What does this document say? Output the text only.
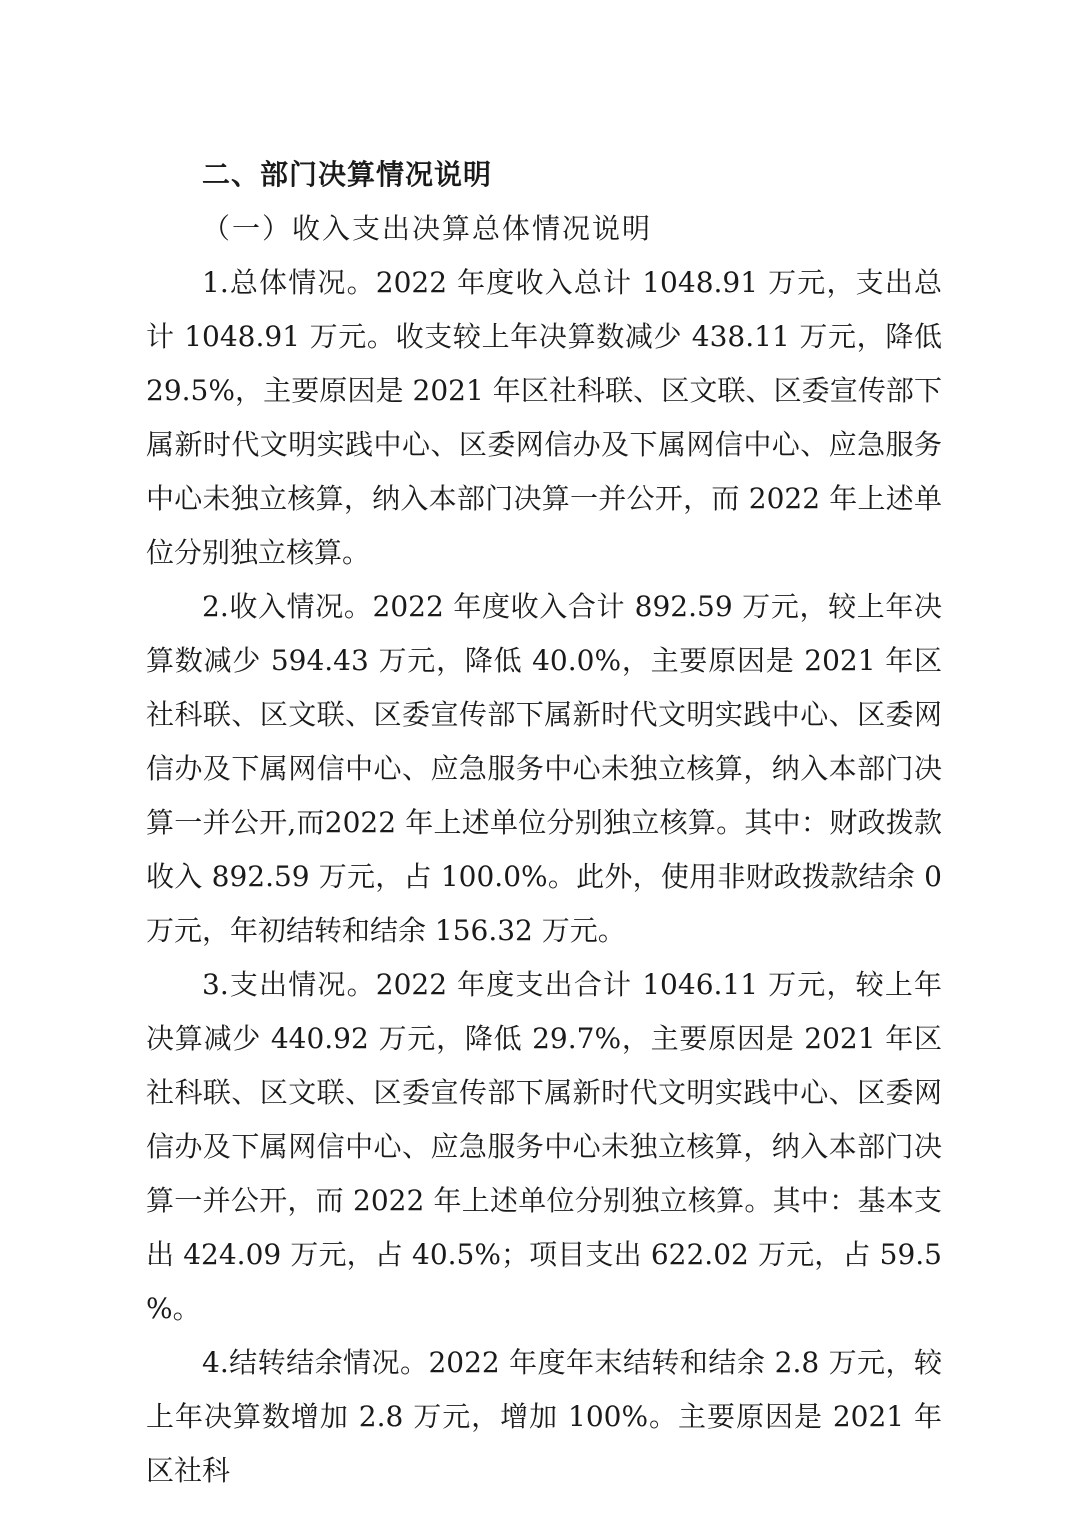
二、部门决算情况说明
（一）收入支出决算总体情况说明

1.总体情况。2022 年度收入总计 1048.91 万元，支出总计 1048.91 万元。收支较上年决算数减少 438.11 万元，降低 29.5%，主要原因是 2021 年区社科联、区文联、区委宣传部下属新时代文明实践中心、区委网信办及下属网信中心、应急服务中心未独立核算，纳入本部门决算一并公开，而 2022 年上述单位分别独立核算。

2.收入情况。2022 年度收入合计 892.59 万元，较上年决算数减少 594.43 万元，降低 40.0%，主要原因是 2021 年区社科联、区文联、区委宣传部下属新时代文明实践中心、区委网信办及下属网信中心、应急服务中心未独立核算，纳入本部门决算一并公开,而2022 年上述单位分别独立核算。其中：财政拨款收入 892.59 万元，占 100.0%。此外，使用非财政拨款结余 0 万元，年初结转和结余 156.32 万元。

3.支出情况。2022 年度支出合计 1046.11 万元，较上年决算减少 440.92 万元，降低 29.7%，主要原因是 2021 年区社科联、区文联、区委宣传部下属新时代文明实践中心、区委网信办及下属网信中心、应急服务中心未独立核算，纳入本部门决算一并公开，而 2022 年上述单位分别独立核算。其中：基本支出 424.09 万元，占 40.5%；项目支出 622.02 万元，占 59.5%。

4.结转结余情况。2022 年度年末结转和结余 2.8 万元，较上年决算数增加 2.8 万元，增加 100%。主要原因是 2021 年区社科
